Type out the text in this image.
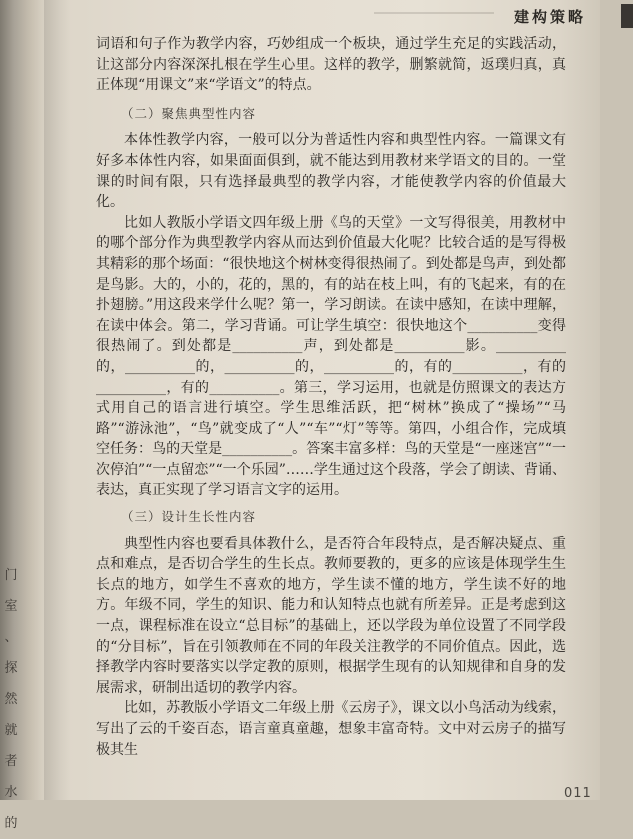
门
室
、
探
然
就
者
水
的
建构策略

词语和句子作为教学内容，巧妙组成一个板块，通过学生充足的实践活动，让这部分内容深深扎根在学生心里。这样的教学，删繁就简，返璞归真，真正体现“用课文”来“学语文”的特点。

（二）聚焦典型性内容

本体性教学内容，一般可以分为普适性内容和典型性内容。一篇课文有好多本体性内容，如果面面俱到，就不能达到用教材来学语文的目的。一堂课的时间有限，只有选择最典型的教学内容，才能使教学内容的价值最大化。

比如人教版小学语文四年级上册《鸟的天堂》一文写得很美，用教材中的哪个部分作为典型教学内容从而达到价值最大化呢？比较合适的是写得极其精彩的那个场面：“很快地这个树林变得很热闹了。到处都是鸟声，到处都是鸟影。大的，小的，花的，黑的，有的站在枝上叫，有的飞起来，有的在扑翅膀。”用这段来学什么呢？第一，学习朗读。在读中感知，在读中理解，在读中体会。第二，学习背诵。可让学生填空：很快地这个__________变得很热闹了。到处都是__________声，到处都是__________影。__________的，__________的，__________的，__________的，有的__________，有的__________，有的__________。第三，学习运用，也就是仿照课文的表达方式用自己的语言进行填空。学生思维活跃，把“树林”换成了“操场”“马路”“游泳池”，“鸟”就变成了“人”“车”“灯”等等。第四，小组合作，完成填空任务：鸟的天堂是__________。答案丰富多样：鸟的天堂是“一座迷宫”“一次停泊”“一点留恋”“一个乐园”……学生通过这个段落，学会了朗读、背诵、表达，真正实现了学习语言文字的运用。

（三）设计生长性内容

典型性内容也要看具体教什么，是否符合年段特点，是否解决疑点、重点和难点，是否切合学生的生长点。教师要教的，更多的应该是体现学生生长点的地方，如学生不喜欢的地方，学生读不懂的地方，学生读不好的地方。年级不同，学生的知识、能力和认知特点也就有所差异。正是考虑到这一点，课程标准在设立“总目标”的基础上，还以学段为单位设置了不同学段的“分目标”，旨在引领教师在不同的年段关注教学的不同价值点。因此，选择教学内容时要落实以学定教的原则，根据学生现有的认知规律和自身的发展需求，研制出适切的教学内容。

比如，苏教版小学语文二年级上册《云房子》，课文以小鸟活动为线索，写出了云的千姿百态，语言童真童趣，想象丰富奇特。文中对云房子的描写极其生

011
